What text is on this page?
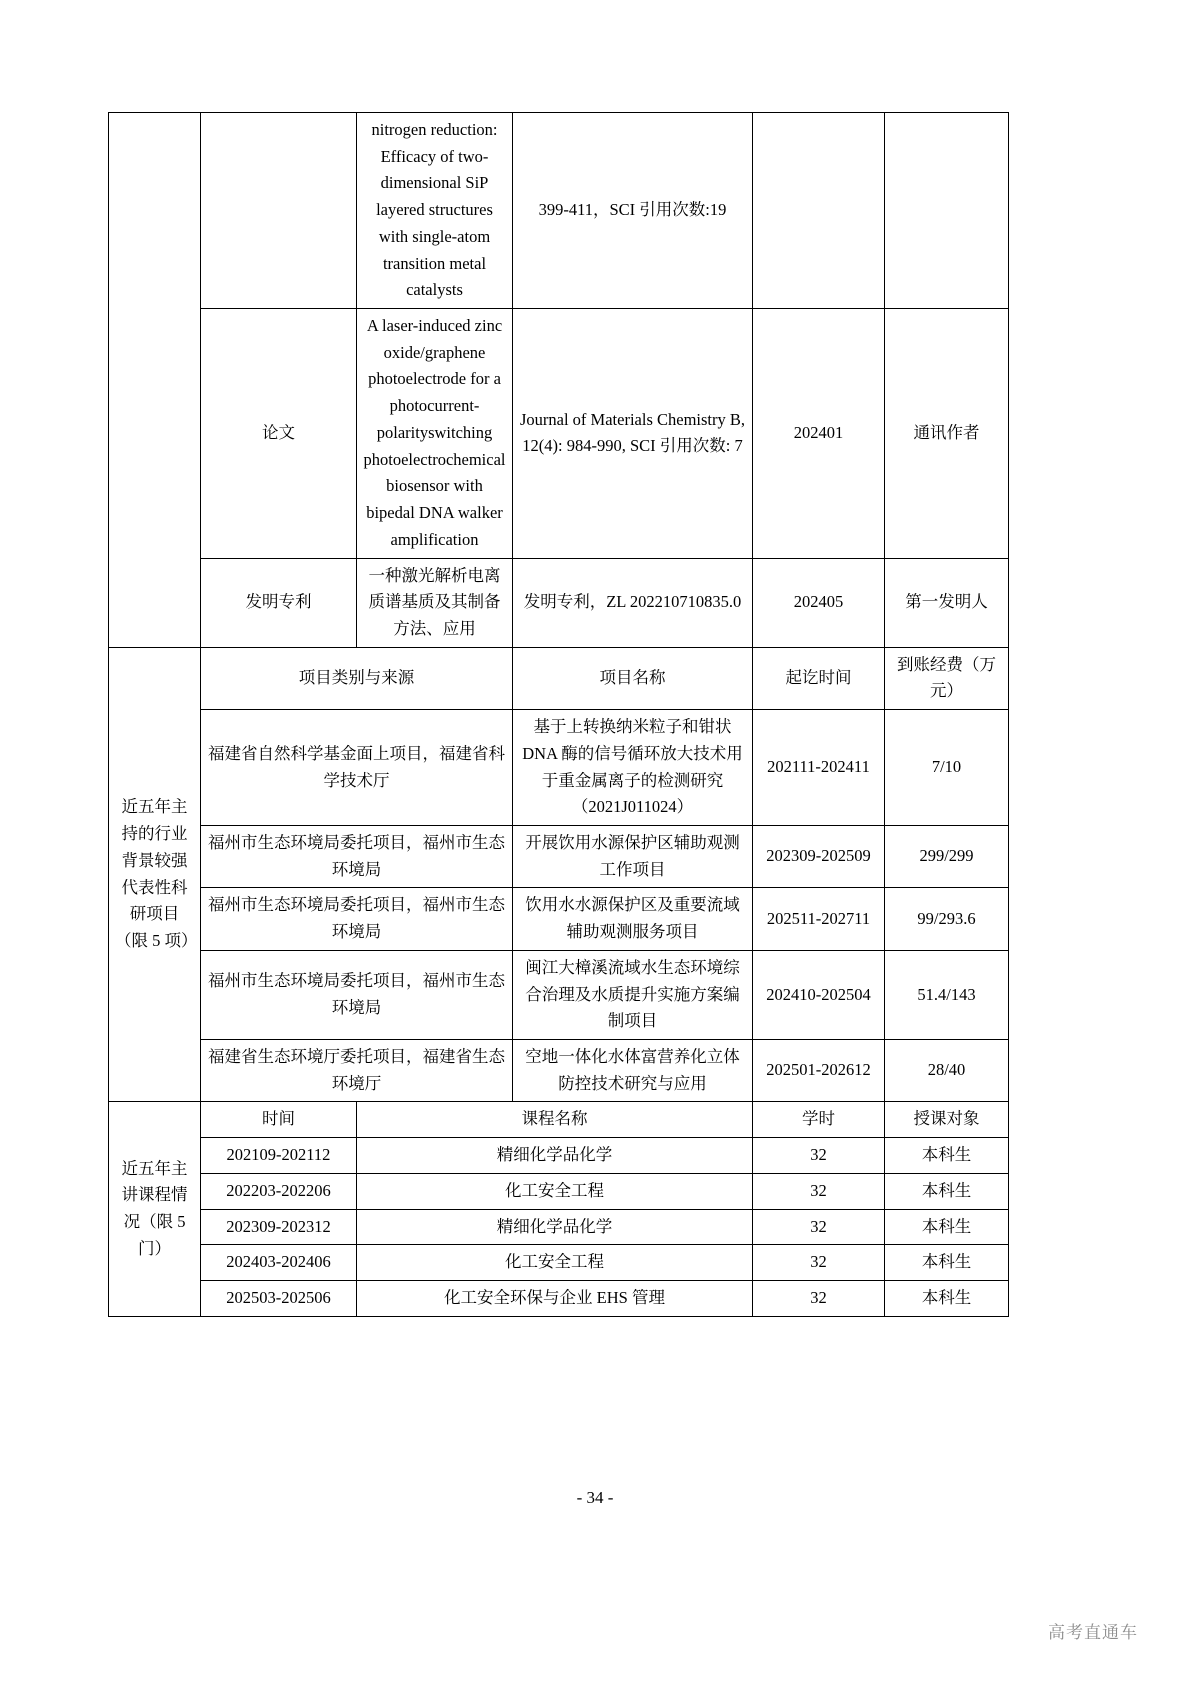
		nitrogen reduction: Efficacy of two-dimensional SiP layered structures with single-atom transition metal catalysts	399-411，SCI 引用次数:19		
	论文	A laser-induced zinc oxide/graphene photoelectrode for a photocurrent-polarityswitching photoelectrochemical biosensor with bipedal DNA walker amplification	Journal of Materials Chemistry B, 12(4): 984-990, SCI 引用次数: 7	202401	通讯作者
	发明专利	一种激光解析电离质谱基质及其制备方法、应用	发明专利，ZL 202210710835.0	202405	第一发明人
近五年主持的行业背景较强代表性科研项目（限 5 项）	项目类别与来源		项目名称	起讫时间	到账经费（万元）
	福建省自然科学基金面上项目，福建省科学技术厅		基于上转换纳米粒子和钳状 DNA 酶的信号循环放大技术用于重金属离子的检测研究（2021J011024）	202111-202411	7/10
	福州市生态环境局委托项目，福州市生态环境局		开展饮用水源保护区辅助观测工作项目	202309-202509	299/299
	福州市生态环境局委托项目，福州市生态环境局		饮用水水源保护区及重要流域辅助观测服务项目	202511-202711	99/293.6
	福州市生态环境局委托项目，福州市生态环境局		闽江大樟溪流域水生态环境综合治理及水质提升实施方案编制项目	202410-202504	51.4/143
	福建省生态环境厅委托项目，福建省生态环境厅		空地一体化水体富营养化立体防控技术研究与应用	202501-202612	28/40
近五年主讲课程情况（限 5 门）	时间	课程名称		学时	授课对象
	202109-202112	精细化学品化学		32	本科生
	202203-202206	化工安全工程		32	本科生
	202309-202312	精细化学品化学		32	本科生
	202403-202406	化工安全工程		32	本科生
	202503-202506	化工安全环保与企业 EHS 管理		32	本科生
- 34 -
高考直通车
